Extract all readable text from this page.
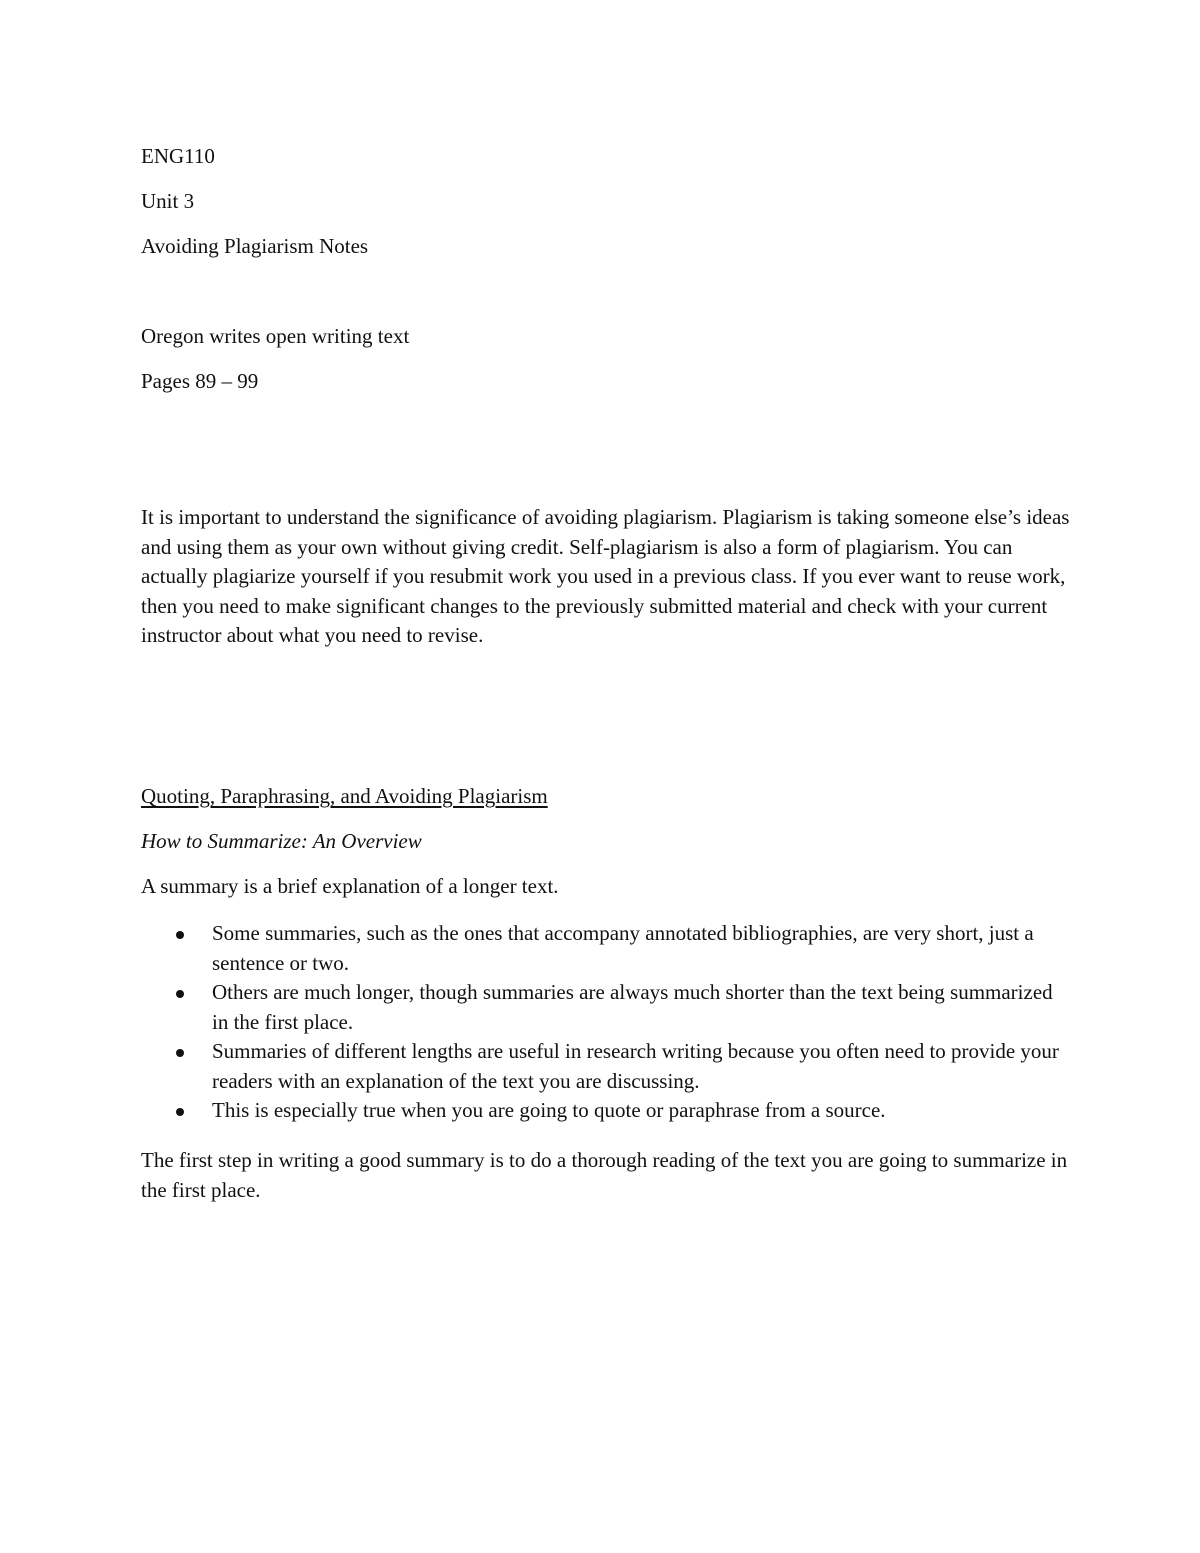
ENG110

Unit 3

Avoiding Plagiarism Notes

Oregon writes open writing text

Pages 89 – 99

It is important to understand the significance of avoiding plagiarism. Plagiarism is taking someone else’s ideas and using them as your own without giving credit. Self-plagiarism is also a form of plagiarism. You can actually plagiarize yourself if you resubmit work you used in a previous class. If you ever want to reuse work, then you need to make significant changes to the previously submitted material and check with your current instructor about what you need to revise.

Quoting, Paraphrasing, and Avoiding Plagiarism

How to Summarize: An Overview

A summary is a brief explanation of a longer text.

Some summaries, such as the ones that accompany annotated bibliographies, are very short, just a sentence or two.
Others are much longer, though summaries are always much shorter than the text being summarized in the first place.
Summaries of different lengths are useful in research writing because you often need to provide your readers with an explanation of the text you are discussing.
This is especially true when you are going to quote or paraphrase from a source.

The first step in writing a good summary is to do a thorough reading of the text you are going to summarize in the first place.
